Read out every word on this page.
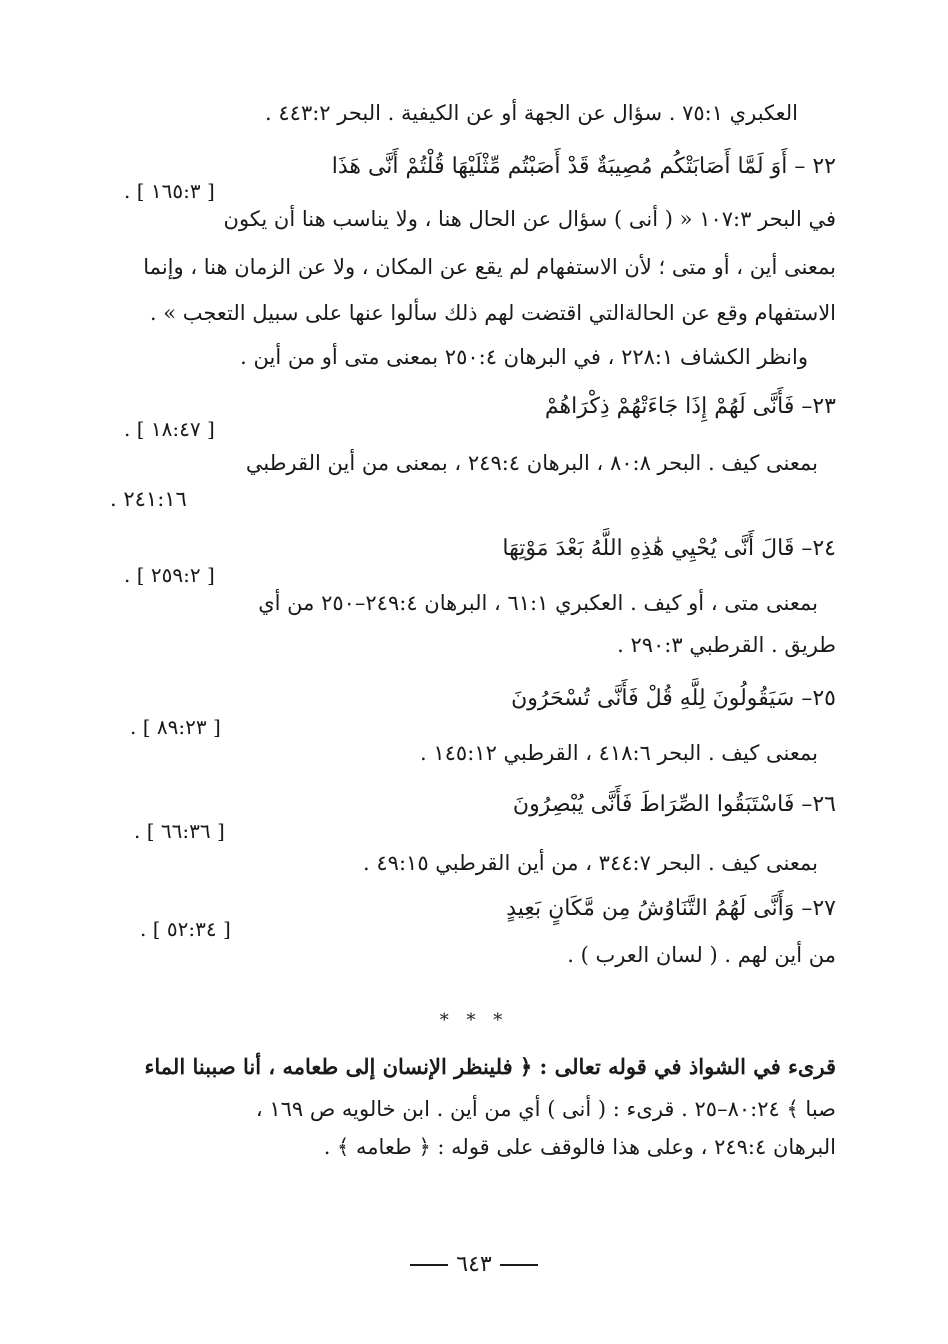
العكبري ٧٥:١ . سؤال عن الجهة أو عن الكيفية . البحر ٤٤٣:٢ .
٢٢ – أَوَ لَمَّا أَصَابَتْكُم مُصِيبَةٌ قَدْ أَصَبْتُم مِّثْلَيْهَا قُلْتُمْ أَنَّى هَذَا
[ ١٦٥:٣ ] .
في البحر ١٠٧:٣ « ( أنى ) سؤال عن الحال هنا ، ولا يناسب هنا أن يكون
بمعنى أين ، أو متى ؛ لأن الاستفهام لم يقع عن المكان ، ولا عن الزمان هنا ، وإنما
الاستفهام وقع عن الحالةالتي اقتضت لهم ذلك سألوا عنها على سبيل التعجب » .
وانظر الكشاف ٢٢٨:١ ، في البرهان ٢٥٠:٤ بمعنى متى أو من أين .
٢٣– فَأَنَّى لَهُمْ إِذَا جَاءَتْهُمْ ذِكْرَاهُمْ
[ ١٨:٤٧ ] .
بمعنى كيف . البحر ٨٠:٨ ، البرهان ٢٤٩:٤ ، بمعنى من أين القرطبي
٢٤١:١٦ .
٢٤– قَالَ أَنَّى يُحْيِي هَٰذِهِ اللَّهُ بَعْدَ مَوْتِهَا
[ ٢٥٩:٢ ] .
بمعنى متى ، أو كيف . العكبري ٦١:١ ، البرهان ٢٤٩:٤–٢٥٠ من أي
طريق . القرطبي ٢٩٠:٣ .
٢٥– سَيَقُولُونَ لِلَّهِ قُلْ فَأَنَّى تُسْحَرُونَ
[ ٨٩:٢٣ ] .
بمعنى كيف . البحر ٤١٨:٦ ، القرطبي ١٤٥:١٢ .
٢٦– فَاسْتَبَقُوا الصِّرَاطَ فَأَنَّى يُبْصِرُونَ
[ ٦٦:٣٦ ] .
بمعنى كيف . البحر ٣٤٤:٧ ، من أين القرطبي ٤٩:١٥ .
٢٧– وَأَنَّى لَهُمُ التَّنَاوُشُ مِن مَّكَانٍ بَعِيدٍ
[ ٥٢:٣٤ ] .
من أين لهم . ( لسان العرب ) .
* * *
قرىء في الشواذ في قوله تعالى : ﴿ فلينظر الإنسان إلى طعامه ، أنا صببنا الماء
صبا ﴾ ٨٠:٢٤–٢٥ . قرىء : ( أنى ) أي من أين . ابن خالويه ص ١٦٩ ،
البرهان ٢٤٩:٤ ، وعلى هذا فالوقف على قوله : ﴿ طعامه ﴾ .
٦٤٣
